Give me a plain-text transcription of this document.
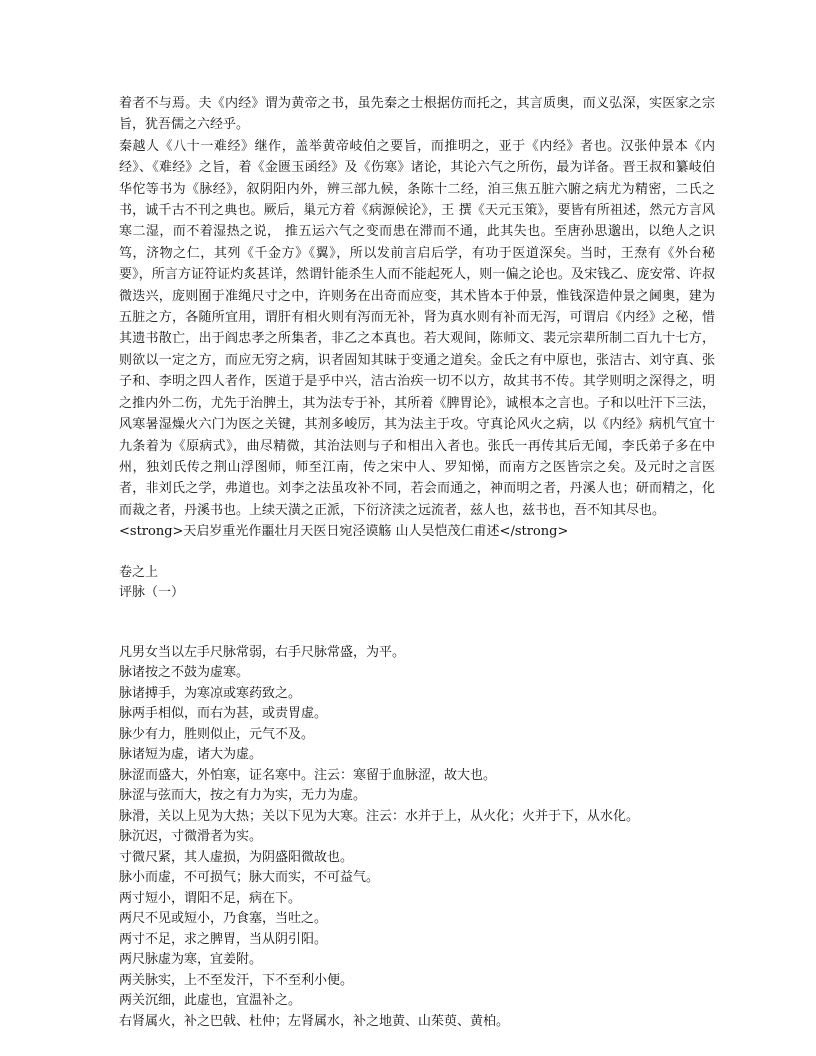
着者不与焉。夫《内经》谓为黄帝之书，虽先秦之士根据仿而托之，其言质奥，而义弘深，实医家之宗旨，犹吾儒之六经乎。

秦越人《八十一难经》继作，盖举黄帝岐伯之要旨，而推明之，亚于《内经》者也。汉张仲景本《内经》、《难经》之旨，着《金匮玉函经》及《伤寒》诸论，其论六气之所伤，最为详备。晋王叔和纂岐伯华佗等书为《脉经》，叙阴阳内外，辨三部九候，条陈十二经，洎三焦五脏六腑之病尤为精密，二氏之书，诚千古不刊之典也。厥后，巢元方着《病源候论》，王 撰《天元玉策》，要皆有所祖述，然元方言风寒二湿，而不着湿热之说， 推五运六气之变而患在滞而不通，此其失也。至唐孙思邈出，以绝人之识笃，济物之仁，其列《千金方》《翼》，所以发前言启后学，有功于医道深矣。当时，王焘有《外台秘要》，所言方证符证灼炙甚详，然谓针能杀生人而不能起死人，则一偏之论也。及宋钱乙、庞安常、许叔微迭兴，庞则囿于准绳尺寸之中，许则务在出奇而应变，其术皆本于仲景，惟钱深造仲景之阃奥，建为五脏之方，各随所宜用，谓肝有相火则有泻而无补，肾为真水则有补而无泻，可谓启《内经》之秘，惜其遗书散亡，出于阎忠孝之所集者，非乙之本真也。若大观间，陈师文、裴元宗辈所制二百九十七方，则欲以一定之方，而应无穷之病，识者固知其昧于变通之道矣。金氏之有中原也，张洁古、刘守真、张子和、李明之四人者作，医道于是乎中兴，洁古治疾一切不以方，故其书不传。其学则明之深得之，明之推内外二伤，尤先于治脾土，其为法专于补，其所着《脾胃论》，诚根本之言也。子和以吐汗下三法，风寒暑湿燥火六门为医之关键，其剂多峻厉，其为法主于攻。守真论风火之病，以《内经》病机气宜十九条着为《原病式》，曲尽精微，其治法则与子和相出入者也。张氏一再传其后无闻，李氏弟子多在中州，独刘氏传之荆山浮图师，师至江南，传之宋中人、罗知悌，而南方之医皆宗之矣。及元时之言医者，非刘氏之学，弗道也。刘李之法虽攻补不同，若会而通之，神而明之者，丹溪人也；研而精之，化而裁之者，丹溪书也。上续天潢之正派，下衍济渎之远流者，兹人也，兹书也，吾不知其尽也。

<strong>天启岁重光作噩壮月天医日宛泾谟觞 山人吴恺茂仁甫述</strong>

卷之上

评脉（一）

凡男女当以左手尺脉常弱，右手尺脉常盛，为平。

脉诸按之不鼓为虚寒。

脉诸搏手，为寒凉或寒药致之。

脉两手相似，而右为甚，或责胃虚。

脉少有力，胜则似止，元气不及。

脉诸短为虚，诸大为虚。

脉涩而盛大，外怕寒，证名寒中。注云：寒留于血脉涩，故大也。

脉涩与弦而大，按之有力为实，无力为虚。

脉滑，关以上见为大热；关以下见为大寒。注云：水并于上，从火化；火并于下，从水化。

脉沉迟，寸微滑者为实。

寸微尺紧，其人虚损，为阴盛阳微故也。

脉小而虚，不可损气；脉大而实，不可益气。

两寸短小，谓阳不足，病在下。

两尺不见或短小，乃食塞，当吐之。

两寸不足，求之脾胃，当从阴引阳。

两尺脉虚为寒，宜姜附。

两关脉实，上不至发汗，下不至利小便。

两关沉细，此虚也，宜温补之。

右肾属火，补之巴戟、杜仲；左肾属水，补之地黄、山茱萸、黄柏。
